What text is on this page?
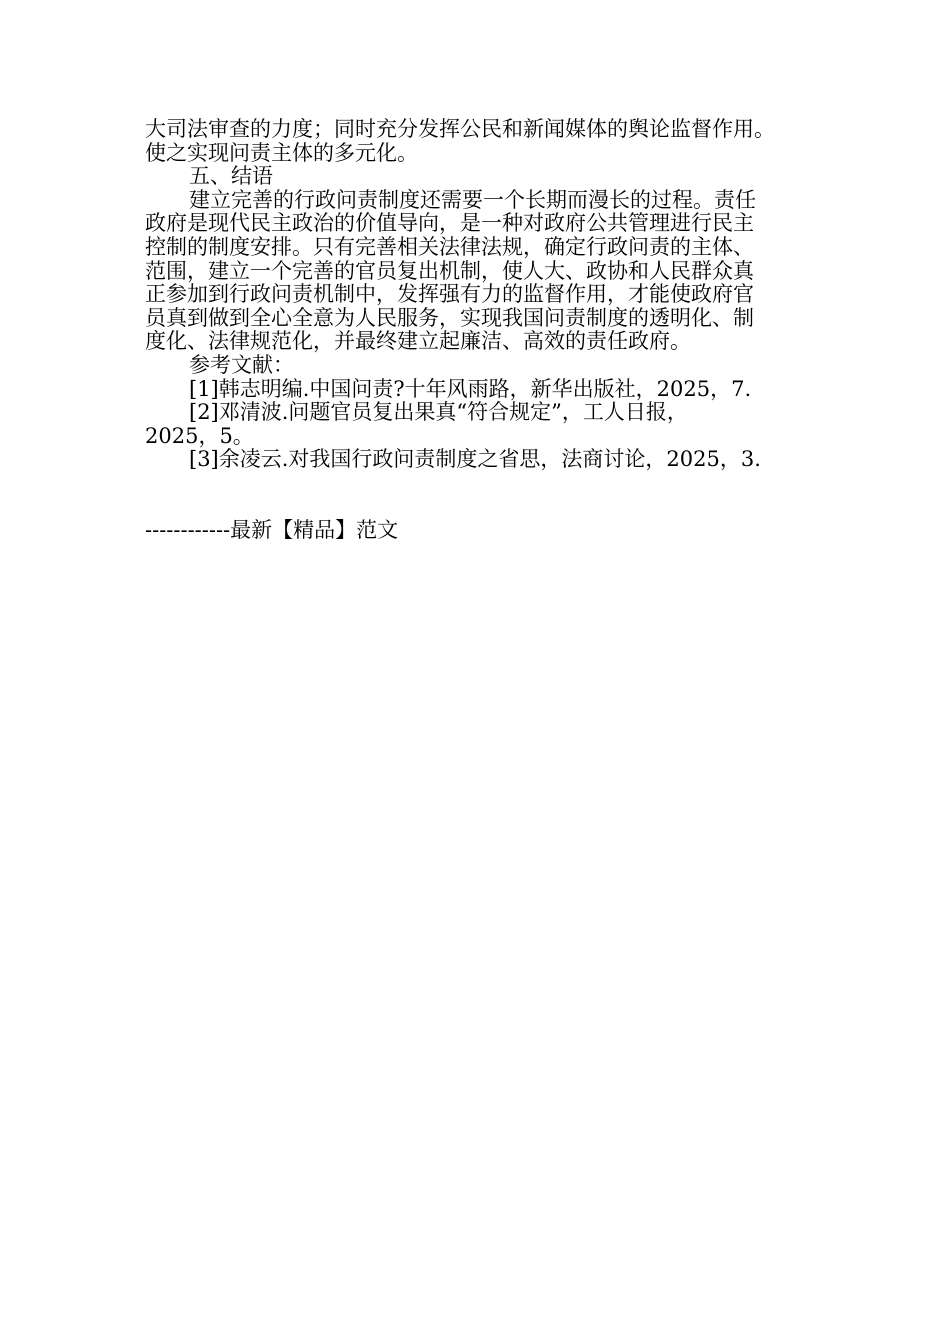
大司法审查的力度；同时充分发挥公民和新闻媒体的舆论监督作用。
使之实现问责主体的多元化。
五、结语
建立完善的行政问责制度还需要一个长期而漫长的过程。责任
政府是现代民主政治的价值导向，是一种对政府公共管理进行民主
控制的制度安排。只有完善相关法律法规，确定行政问责的主体、
范围，建立一个完善的官员复出机制，使人大、政协和人民群众真
正参加到行政问责机制中，发挥强有力的监督作用，才能使政府官
员真到做到全心全意为人民服务，实现我国问责制度的透明化、制
度化、法律规范化，并最终建立起廉洁、高效的责任政府。
参考文献：
[1]韩志明编.中国问责?十年风雨路，新华出版社，2025，7.
[2]邓清波.问题官员复出果真“符合规定”，工人日报，
2025，5。
[3]余凌云.对我国行政问责制度之省思，法商讨论，2025，3.
------------最新【精品】范文
